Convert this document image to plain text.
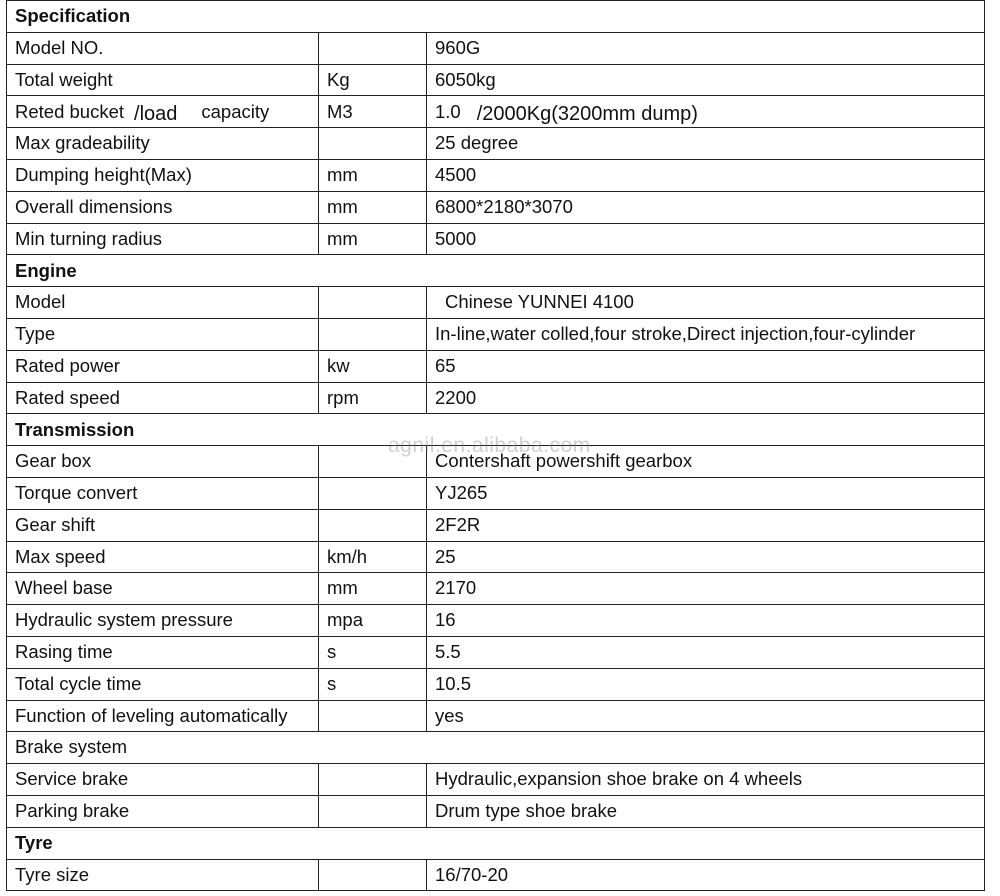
Specification		
Model NO.		960G
Total weight	Kg	6050kg
Reted bucket /load capacity	M3	1.0 /2000Kg(3200mm dump)
Max gradeability		25 degree
Dumping height(Max)	mm	4500
Overall dimensions	mm	6800*2180*3070
Min turning radius	mm	5000
Engine		
Model		Chinese YUNNEI 4100
Type		In-line,water colled,four stroke,Direct injection,four-cylinder
Rated power	kw	65
Rated speed	rpm	2200
Transmission		
Gear box		Contershaft powershift gearbox
Torque convert		YJ265
Gear shift		2F2R
Max speed	km/h	25
Wheel base	mm	2170
Hydraulic system pressure	mpa	16
Rasing time	s	5.5
Total cycle time	s	10.5
Function of leveling automatically		yes
Brake system		
Service brake		Hydraulic,expansion shoe brake on 4 wheels
Parking brake		Drum type shoe brake
Tyre		
Tyre size		16/70-20
agnil.en.alibaba.com
